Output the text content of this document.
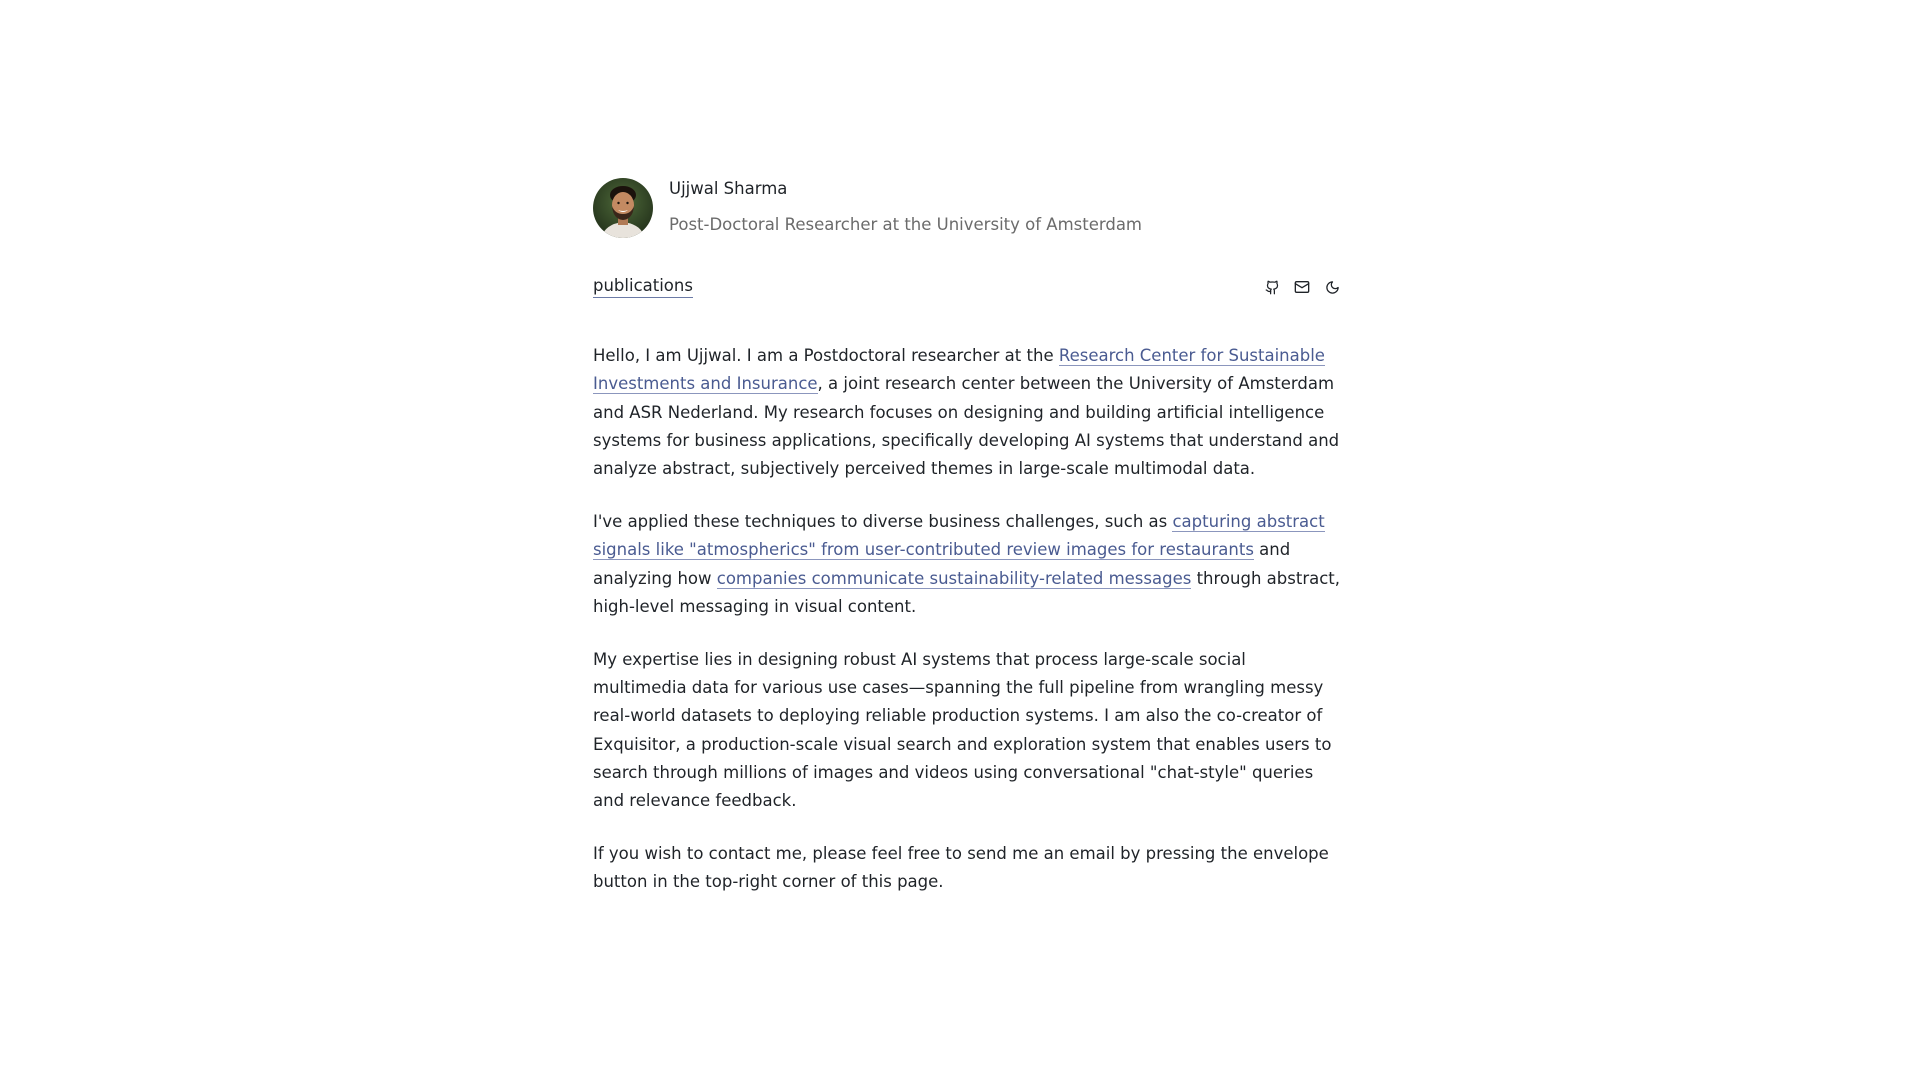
Ujjwal Sharma
Post-Doctoral Researcher at the University of Amsterdam
publications

Hello, I am Ujjwal. I am a Postdoctoral researcher at the Research Center for Sustainable Investments and Insurance, a joint research center between the University of Amsterdam and ASR Nederland. My research focuses on designing and building artificial intelligence systems for business applications, specifically developing AI systems that understand and analyze abstract, subjectively perceived themes in large-scale multimodal data.

I've applied these techniques to diverse business challenges, such as capturing abstract signals like "atmospherics" from user-contributed review images for restaurants and analyzing how companies communicate sustainability-related messages through abstract, high-level messaging in visual content.

My expertise lies in designing robust AI systems that process large-scale social multimedia data for various use cases—spanning the full pipeline from wrangling messy real-world datasets to deploying reliable production systems. I am also the co-creator of Exquisitor, a production-scale visual search and exploration system that enables users to search through millions of images and videos using conversational "chat-style" queries and relevance feedback.

If you wish to contact me, please feel free to send me an email by pressing the envelope button in the top-right corner of this page.
